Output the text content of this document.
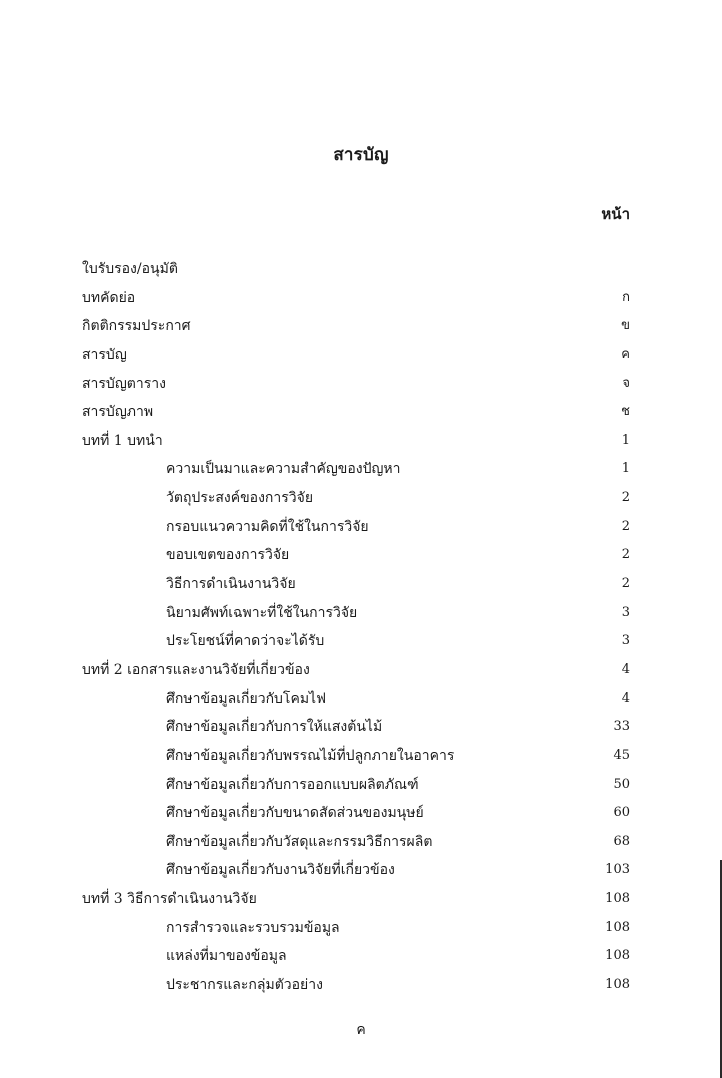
สารบัญ
หน้า
ใบรับรอง/อนุมัติ
บทคัดย่อ	ก
กิตติกรรมประกาศ	ข
สารบัญ	ค
สารบัญตาราง	จ
สารบัญภาพ	ช
บทที่ 1 บทนำ	1
ความเป็นมาและความสำคัญของปัญหา	1
วัตถุประสงค์ของการวิจัย	2
กรอบแนวความคิดที่ใช้ในการวิจัย	2
ขอบเขตของการวิจัย	2
วิธีการดำเนินงานวิจัย	2
นิยามศัพท์เฉพาะที่ใช้ในการวิจัย	3
ประโยชน์ที่คาดว่าจะได้รับ	3
บทที่ 2 เอกสารและงานวิจัยที่เกี่ยวข้อง	4
ศึกษาข้อมูลเกี่ยวกับโคมไฟ	4
ศึกษาข้อมูลเกี่ยวกับการให้แสงต้นไม้	33
ศึกษาข้อมูลเกี่ยวกับพรรณไม้ที่ปลูกภายในอาคาร	45
ศึกษาข้อมูลเกี่ยวกับการออกแบบผลิตภัณฑ์	50
ศึกษาข้อมูลเกี่ยวกับขนาดสัดส่วนของมนุษย์	60
ศึกษาข้อมูลเกี่ยวกับวัสดุและกรรมวิธีการผลิต	68
ศึกษาข้อมูลเกี่ยวกับงานวิจัยที่เกี่ยวข้อง	103
บทที่ 3 วิธีการดำเนินงานวิจัย	108
การสำรวจและรวบรวมข้อมูล	108
แหล่งที่มาของข้อมูล	108
ประชากรและกลุ่มตัวอย่าง	108
ค
